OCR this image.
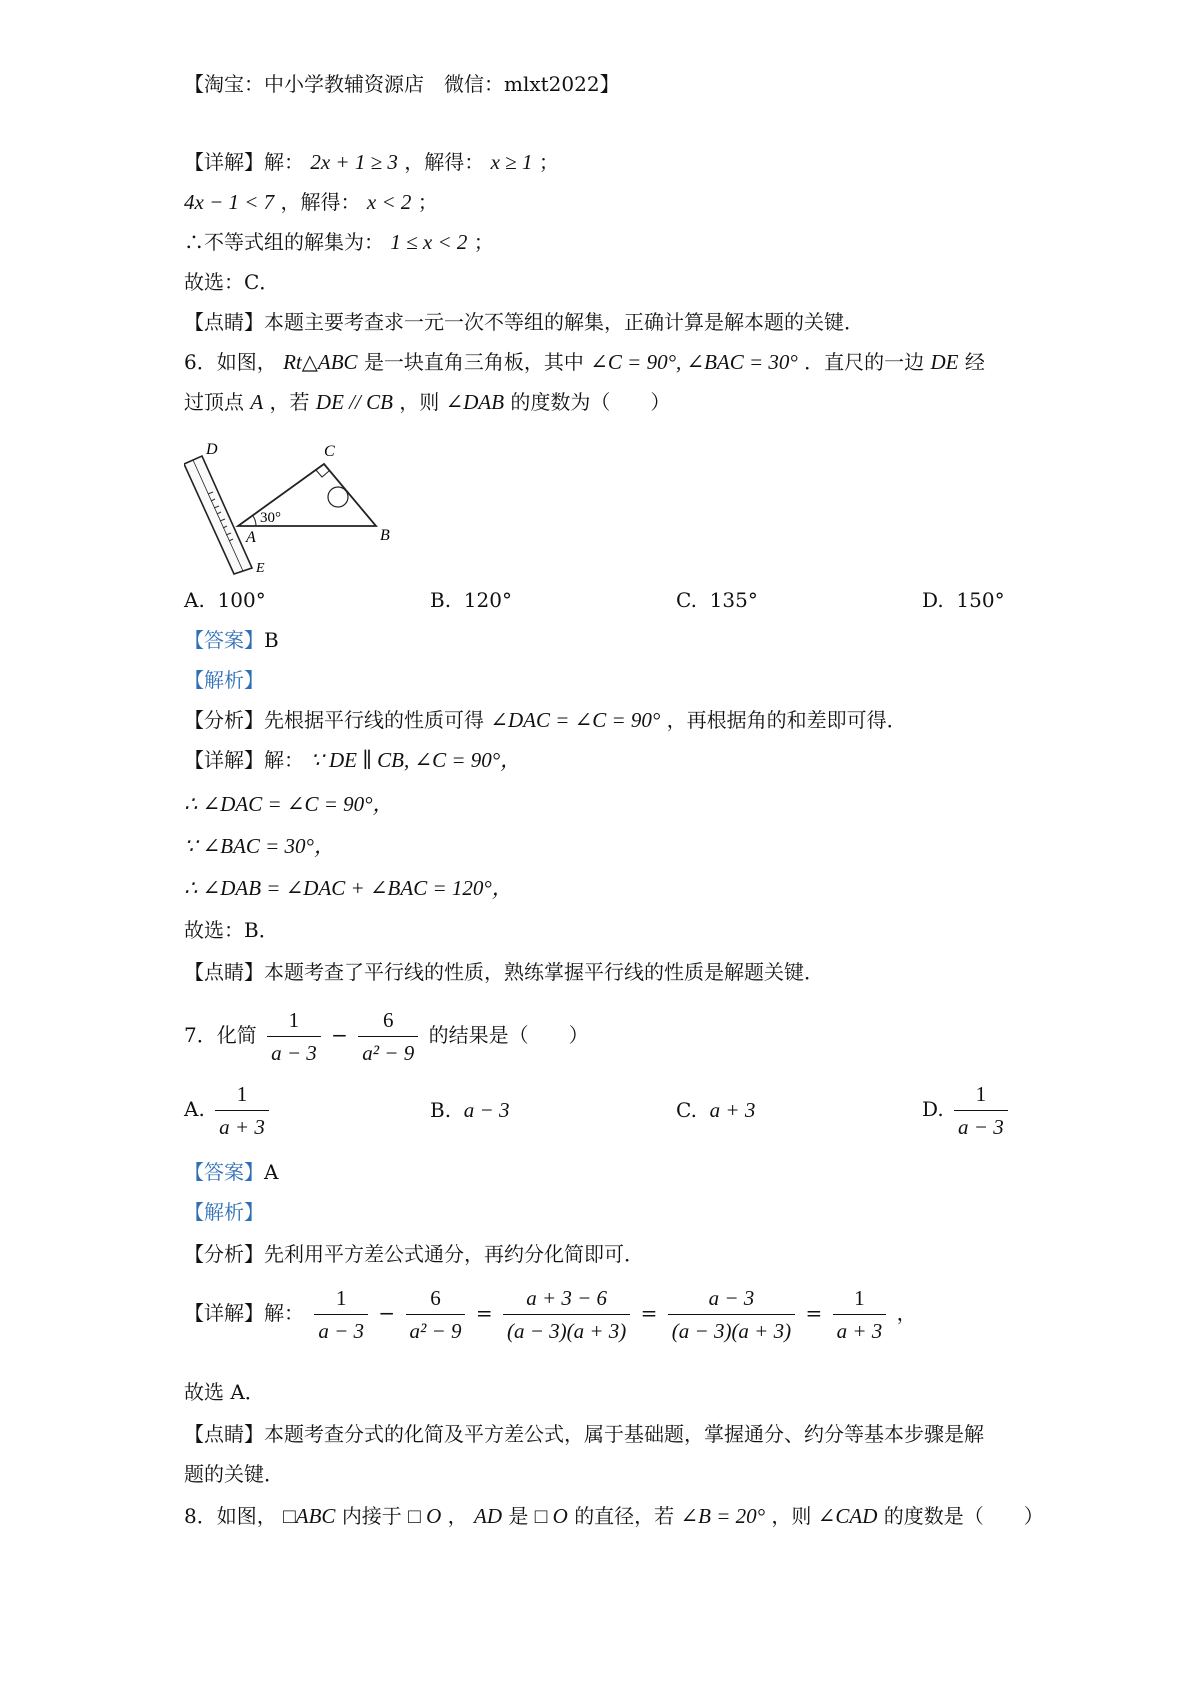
【淘宝：中小学教辅资源店　微信：mlxt2022】
【详解】解： 2x + 1 ≥ 3 ，解得： x ≥ 1 ；
4x − 1 < 7 ，解得： x < 2 ；
∴不等式组的解集为： 1 ≤ x < 2 ；
故选：C．
【点睛】本题主要考查求一元一次不等组的解集，正确计算是解本题的关键．
6．如图， Rt△ABC 是一块直角三角板，其中 ∠C = 90°, ∠BAC = 30° ．直尺的一边 DE 经
过顶点 A ，若 DE // CB ，则 ∠DAB 的度数为（　　）
D	C
A	B
E
30°
A. 100°	B. 120°	C. 135°	D. 150°
【答案】B
【解析】
【分析】先根据平行线的性质可得 ∠DAC = ∠C = 90° ，再根据角的和差即可得．
【详解】解： ∵ DE ∥ CB, ∠C = 90°，
∴ ∠DAC = ∠C = 90°，
∵ ∠BAC = 30°，
∴ ∠DAB = ∠DAC + ∠BAC = 120°，
故选：B．
【点睛】本题考查了平行线的性质，熟练掌握平行线的性质是解题关键．
7．化简 $\frac{1}{a - 3} - \frac{6}{\text{a² − 9}}$ 的结果是（　　）
A. $\frac{1}{a + 3}$	B. a − 3	C. a + 3	D. $\frac{1}{a - 3}$
【答案】A
【解析】
【分析】先利用平方差公式通分，再约分化简即可．
【详解】解： $\frac{1}{a - 3} - \frac{6}{\text{a² − 9}} = \frac{a + 3 - 6}{(a - 3)(a + 3)} = \frac{a - 3}{(a - 3)(a + 3)} = \frac{1}{a + 3}$ ，
故选 A．
【点睛】本题考查分式的化简及平方差公式，属于基础题，掌握通分、约分等基本步骤是解
题的关键．
8．如图， □ABC 内接于 □ O ， AD 是 □ O 的直径，若 ∠B = 20° ，则 ∠CAD 的度数是（　　）
